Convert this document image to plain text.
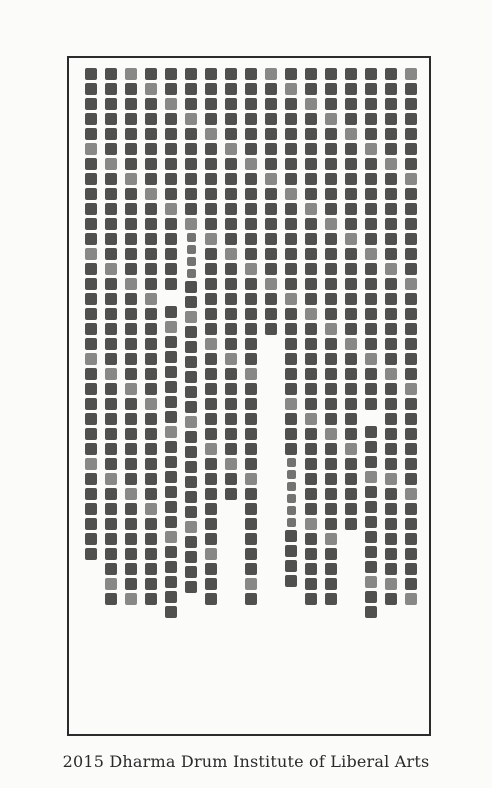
2015 Dharma Drum Institute of Liberal Arts
